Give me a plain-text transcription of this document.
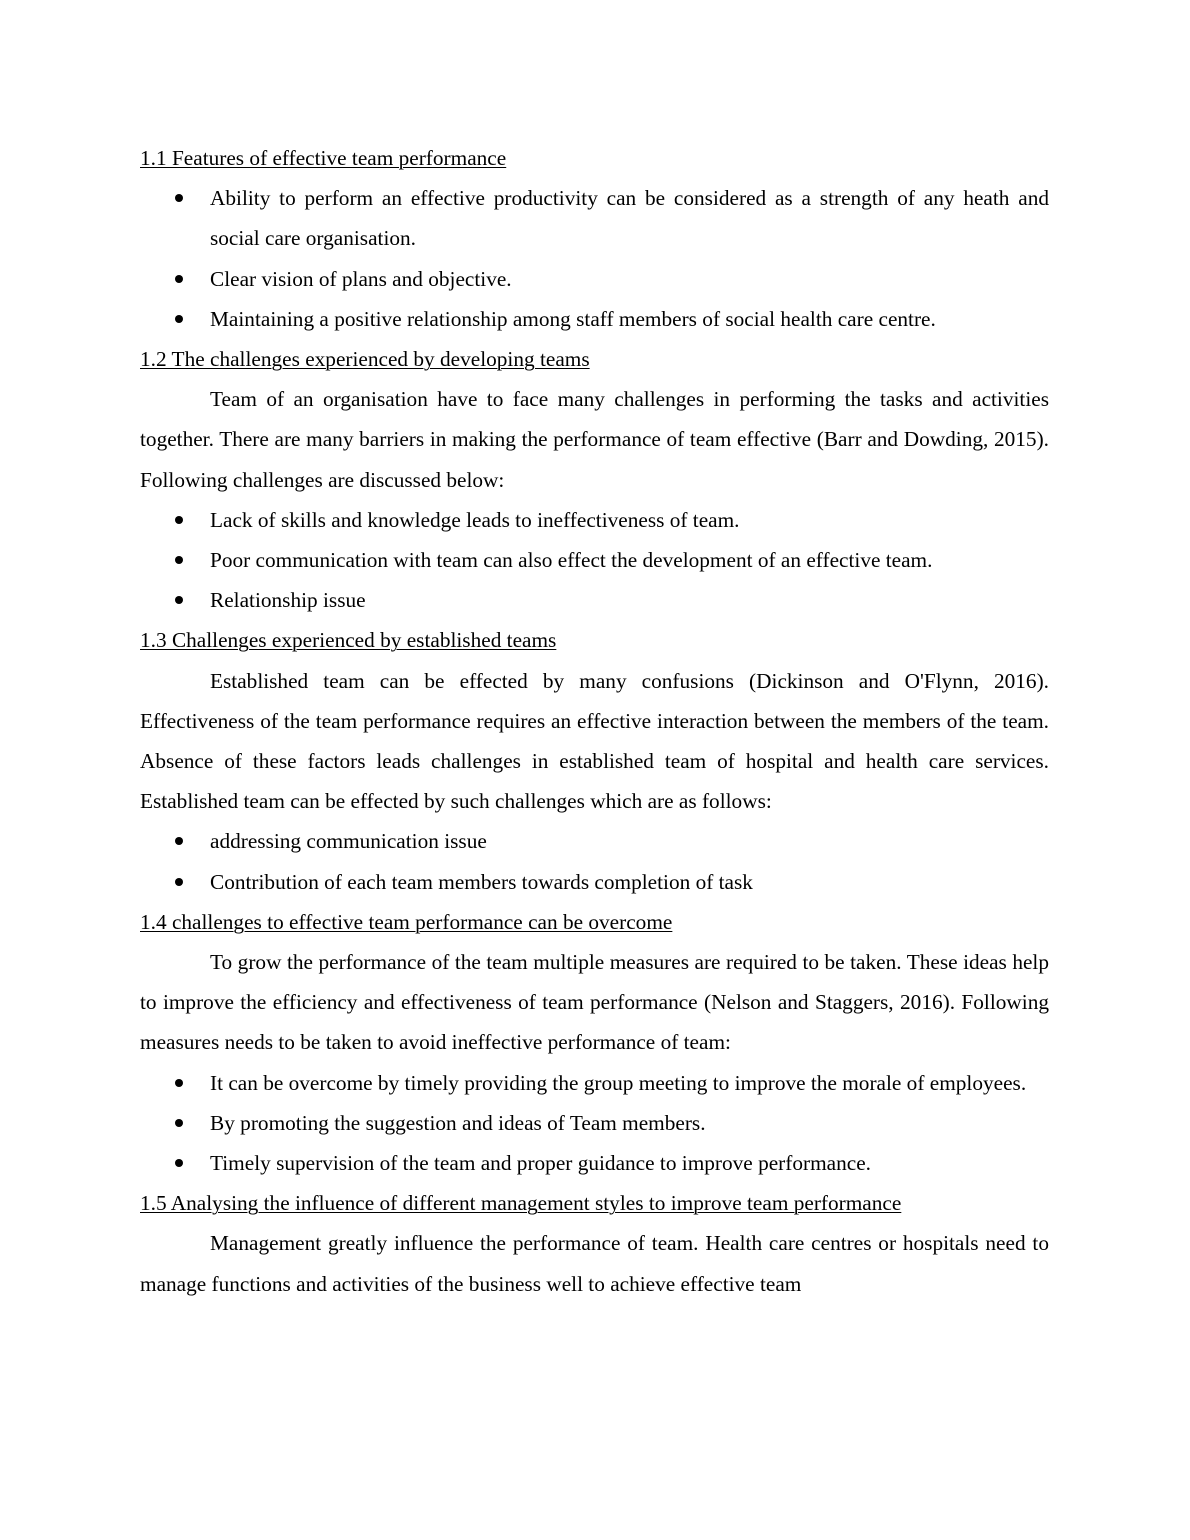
1.1 Features of effective team performance

Ability to perform an effective productivity can be considered as a strength of any heath and social care organisation.
Clear vision of plans and objective.
Maintaining a positive relationship among staff members of social health care centre.

1.2 The challenges experienced by developing teams

Team of an organisation have to face many challenges in performing the tasks and activities together. There are many barriers in making the performance of team effective (Barr and Dowding, 2015). Following challenges are discussed below:

Lack of skills and knowledge leads to ineffectiveness of team.
Poor communication with team can also effect the development of an effective team.
Relationship issue

1.3 Challenges experienced by established teams

Established team can be effected by many confusions (Dickinson and O'Flynn, 2016). Effectiveness of the team performance requires an effective interaction between the members of the team. Absence of these factors leads challenges in established team of hospital and health care services. Established team can be effected by such challenges which are as follows:

addressing communication issue
Contribution of each team members towards completion of task

1.4 challenges to effective team performance can be overcome

To grow the performance of the team multiple measures are required to be taken. These ideas help to improve the efficiency and effectiveness of team performance (Nelson and Staggers, 2016). Following measures needs to be taken to avoid ineffective performance of team:

It can be overcome by timely providing the group meeting to improve the morale of employees.
By promoting the suggestion and ideas of Team members.
Timely supervision of the team and proper guidance to improve performance.

1.5 Analysing the influence of different management styles to improve team performance

Management greatly influence the performance of team. Health care centres or hospitals need to manage functions and activities of the business well to achieve effective team
